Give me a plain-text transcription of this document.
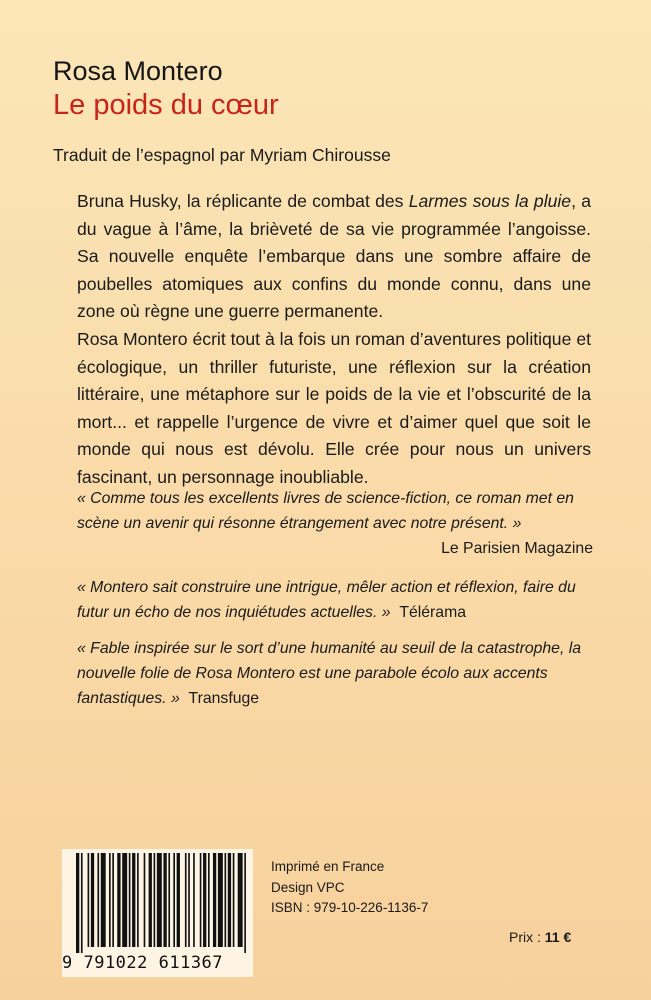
Rosa Montero
Le poids du cœur
Traduit de l’espagnol par Myriam Chirousse

Bruna Husky, la réplicante de combat des Larmes sous la pluie, a du vague à l’âme, la brièveté de sa vie programmée l’angoisse. Sa nouvelle enquête l’embarque dans une sombre affaire de poubelles atomiques aux confins du monde connu, dans une zone où règne une guerre permanente.

Rosa Montero écrit tout à la fois un roman d’aventures politique et écologique, un thriller futuriste, une réflexion sur la création littéraire, une métaphore sur le poids de la vie et l’obscurité de la mort... et rappelle l’urgence de vivre et d’aimer quel que soit le monde qui nous est dévolu. Elle crée pour nous un univers fascinant, un personnage inoubliable.

« Comme tous les excellents livres de science-fiction, ce roman met en scène un avenir qui résonne étrangement avec notre présent. »
Le Parisien Magazine

« Montero sait construire une intrigue, mêler action et réflexion, faire du futur un écho de nos inquiétudes actuelles. » Télérama

« Fable inspirée sur le sort d’une humanité au seuil de la catastrophe, la nouvelle folie de Rosa Montero est une parabole écolo aux accents fantastiques. » Transfuge

9 791022 611367
Imprimé en France
Design VPC
ISBN : 979-10-226-1136-7
Prix : 11 €
